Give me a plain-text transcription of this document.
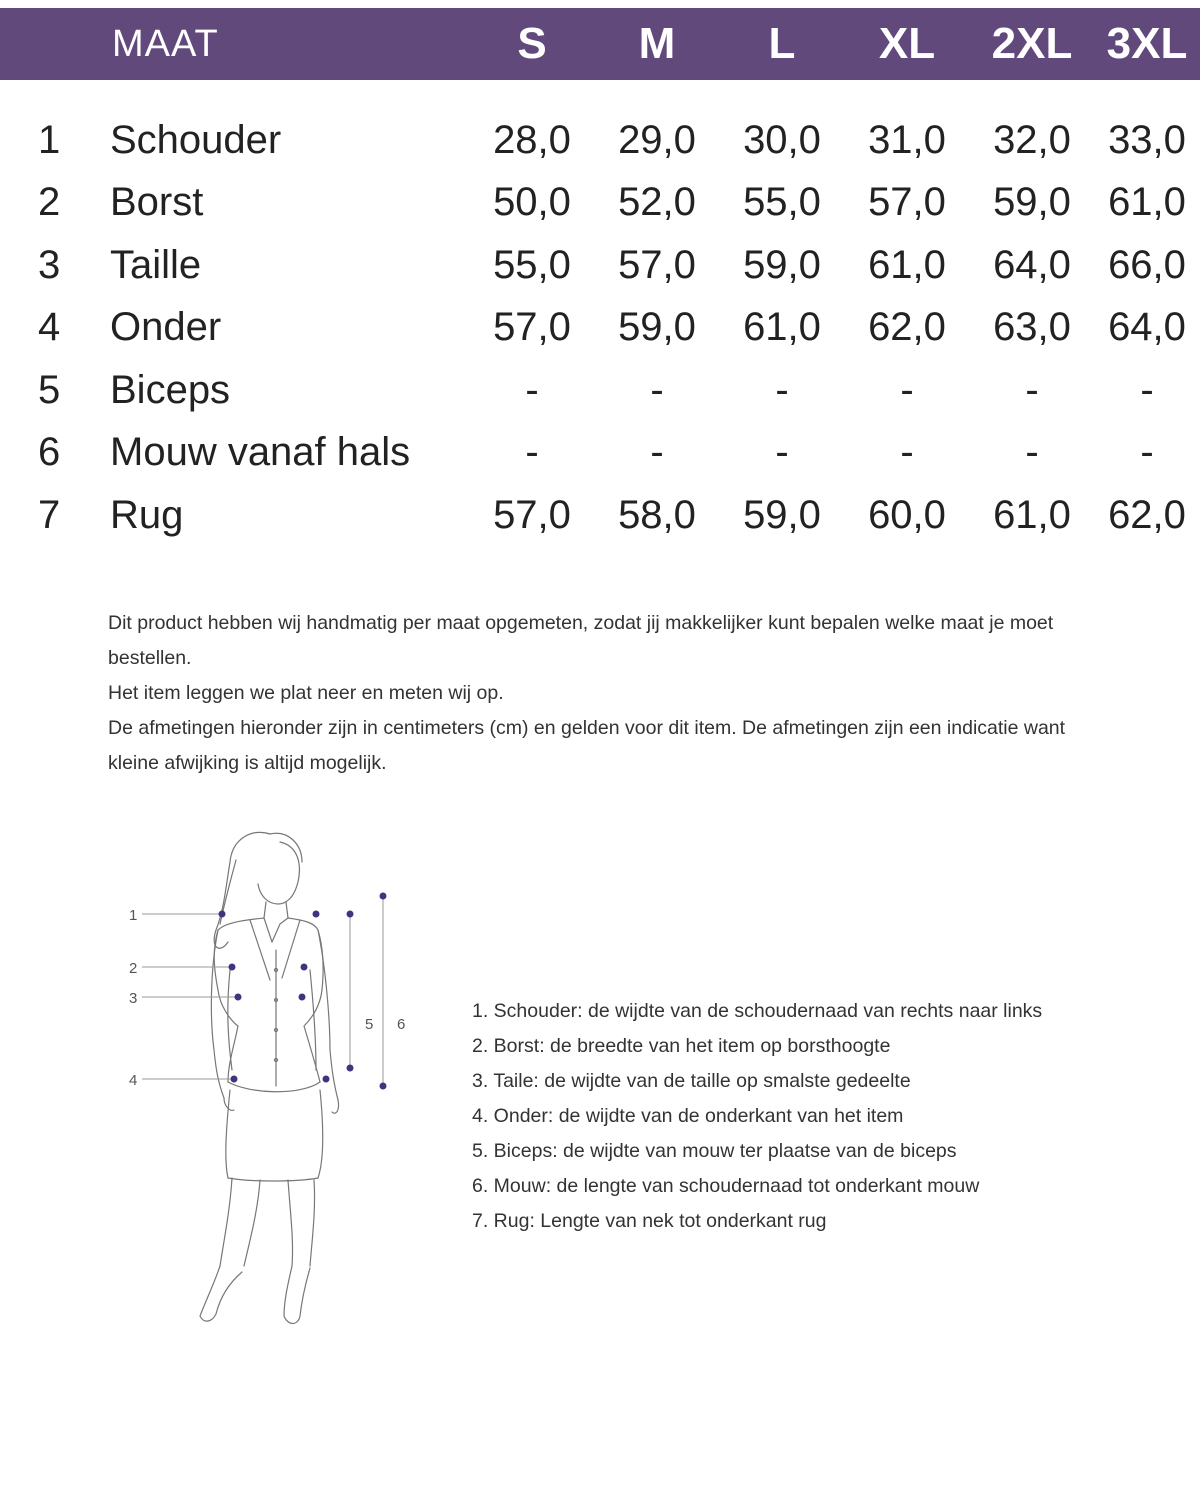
MAAT	S	M	L	XL	2XL 3XL
1 Schouder	28,0	29,0	30,0	31,0	32,0 33,0
2 Borst	50,0	52,0	55,0	57,0	59,0 61,0
3 Taille	55,0	57,0	59,0	61,0	64,0 66,0
4 Onder	57,0	59,0	61,0	62,0	63,0 64,0
5 Biceps	-	-	-	-	-	-
6 Mouw vanaf hals	-	-	-	-	-	-
7 Rug	57,0	58,0	59,0	60,0	61,0 62,0

Dit product hebben wij handmatig per maat opgemeten, zodat jij makkelijker kunt bepalen welke maat je moet bestellen.

Het item leggen we plat neer en meten wij op.

De afmetingen hieronder zijn in centimeters (cm) en gelden voor dit item. De afmetingen zijn een indicatie want kleine afwijking is altijd mogelijk.

1
2
3
4
5 6
1. Schouder: de wijdte van de schoudernaad van rechts naar links
2. Borst: de breedte van het item op borsthoogte
3. Taile: de wijdte van de taille op smalste gedeelte
4. Onder: de wijdte van de onderkant van het item
5. Biceps: de wijdte van mouw ter plaatse van de biceps
6. Mouw: de lengte van schoudernaad tot onderkant mouw
7. Rug: Lengte van nek tot onderkant rug
